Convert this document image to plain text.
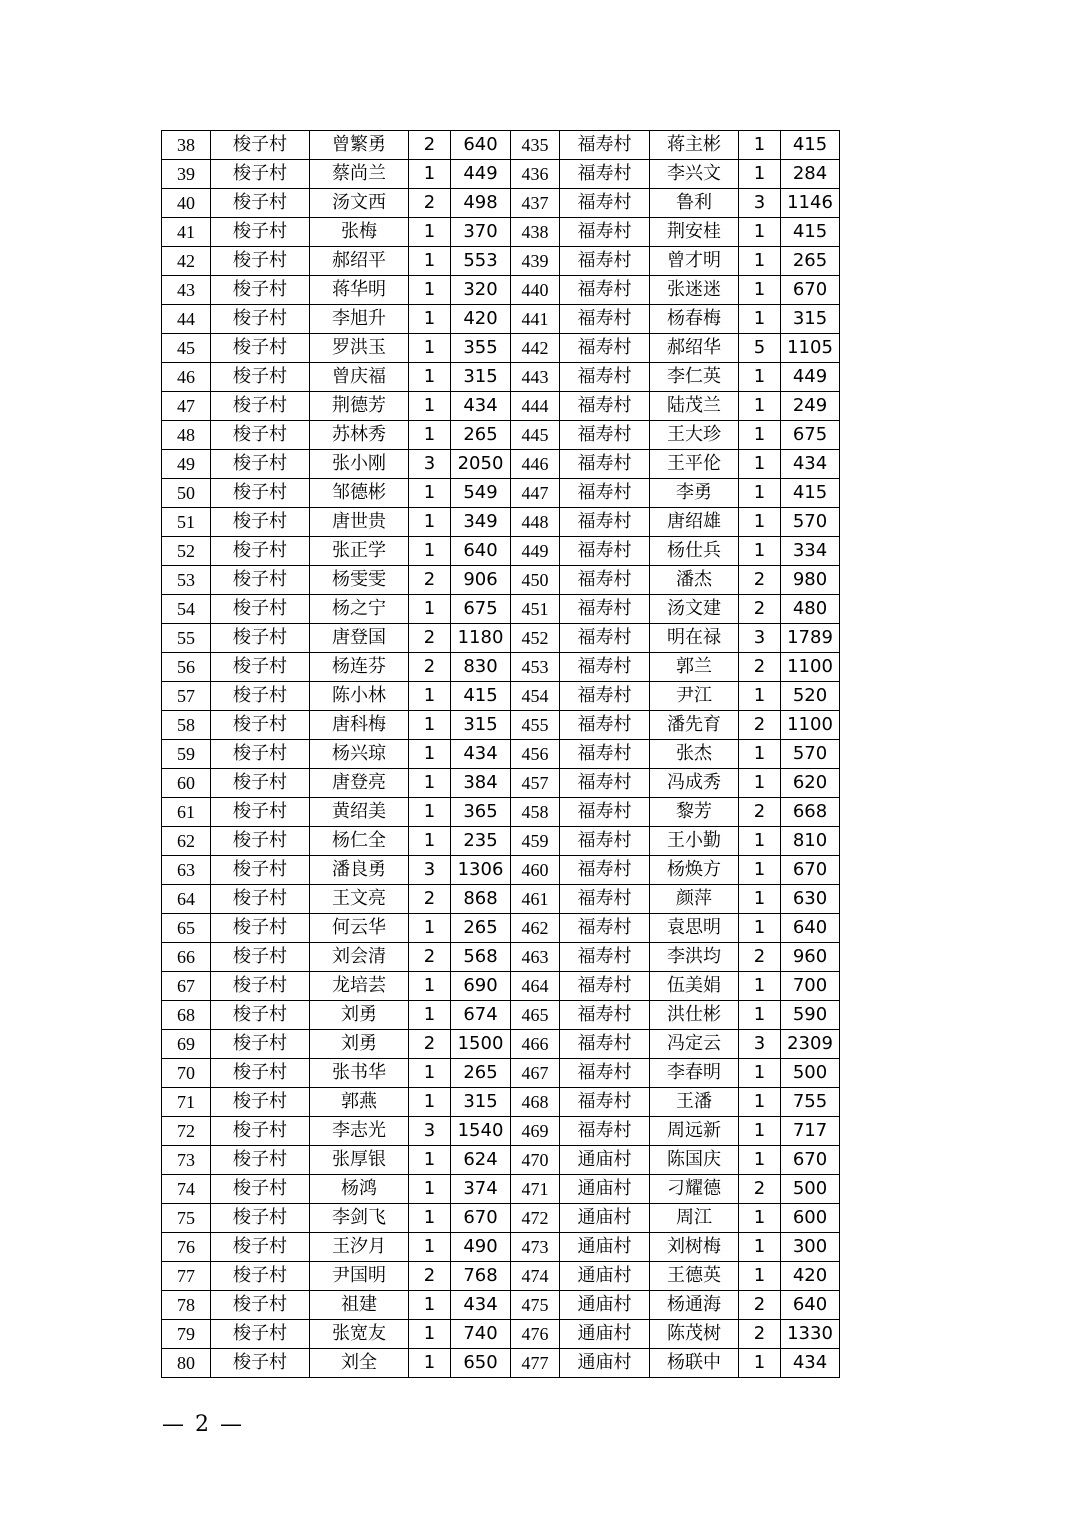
38	梭子村	曾繁勇	2	640	435	福寿村	蒋主彬	1	415
39	梭子村	蔡尚兰	1	449	436	福寿村	李兴文	1	284
40	梭子村	汤文西	2	498	437	福寿村	鲁利	3	1146
41	梭子村	张梅	1	370	438	福寿村	荆安桂	1	415
42	梭子村	郝绍平	1	553	439	福寿村	曾才明	1	265
43	梭子村	蒋华明	1	320	440	福寿村	张迷迷	1	670
44	梭子村	李旭升	1	420	441	福寿村	杨春梅	1	315
45	梭子村	罗洪玉	1	355	442	福寿村	郝绍华	5	1105
46	梭子村	曾庆福	1	315	443	福寿村	李仁英	1	449
47	梭子村	荆德芳	1	434	444	福寿村	陆茂兰	1	249
48	梭子村	苏林秀	1	265	445	福寿村	王大珍	1	675
49	梭子村	张小刚	3	2050	446	福寿村	王平伦	1	434
50	梭子村	邹德彬	1	549	447	福寿村	李勇	1	415
51	梭子村	唐世贵	1	349	448	福寿村	唐绍雄	1	570
52	梭子村	张正学	1	640	449	福寿村	杨仕兵	1	334
53	梭子村	杨雯雯	2	906	450	福寿村	潘杰	2	980
54	梭子村	杨之宁	1	675	451	福寿村	汤文建	2	480
55	梭子村	唐登国	2	1180	452	福寿村	明在禄	3	1789
56	梭子村	杨连芬	2	830	453	福寿村	郭兰	2	1100
57	梭子村	陈小林	1	415	454	福寿村	尹江	1	520
58	梭子村	唐科梅	1	315	455	福寿村	潘先育	2	1100
59	梭子村	杨兴琼	1	434	456	福寿村	张杰	1	570
60	梭子村	唐登亮	1	384	457	福寿村	冯成秀	1	620
61	梭子村	黄绍美	1	365	458	福寿村	黎芳	2	668
62	梭子村	杨仁全	1	235	459	福寿村	王小勤	1	810
63	梭子村	潘良勇	3	1306	460	福寿村	杨焕方	1	670
64	梭子村	王文亮	2	868	461	福寿村	颜萍	1	630
65	梭子村	何云华	1	265	462	福寿村	袁思明	1	640
66	梭子村	刘会清	2	568	463	福寿村	李洪均	2	960
67	梭子村	龙培芸	1	690	464	福寿村	伍美娟	1	700
68	梭子村	刘勇	1	674	465	福寿村	洪仕彬	1	590
69	梭子村	刘勇	2	1500	466	福寿村	冯定云	3	2309
70	梭子村	张书华	1	265	467	福寿村	李春明	1	500
71	梭子村	郭燕	1	315	468	福寿村	王潘	1	755
72	梭子村	李志光	3	1540	469	福寿村	周远新	1	717
73	梭子村	张厚银	1	624	470	通庙村	陈国庆	1	670
74	梭子村	杨鸿	1	374	471	通庙村	刁耀德	2	500
75	梭子村	李剑飞	1	670	472	通庙村	周江	1	600
76	梭子村	王汐月	1	490	473	通庙村	刘树梅	1	300
77	梭子村	尹国明	2	768	474	通庙村	王德英	1	420
78	梭子村	祖建	1	434	475	通庙村	杨通海	2	640
79	梭子村	张宽友	1	740	476	通庙村	陈茂树	2	1330
80	梭子村	刘全	1	650	477	通庙村	杨联中	1	434
— 2 —
